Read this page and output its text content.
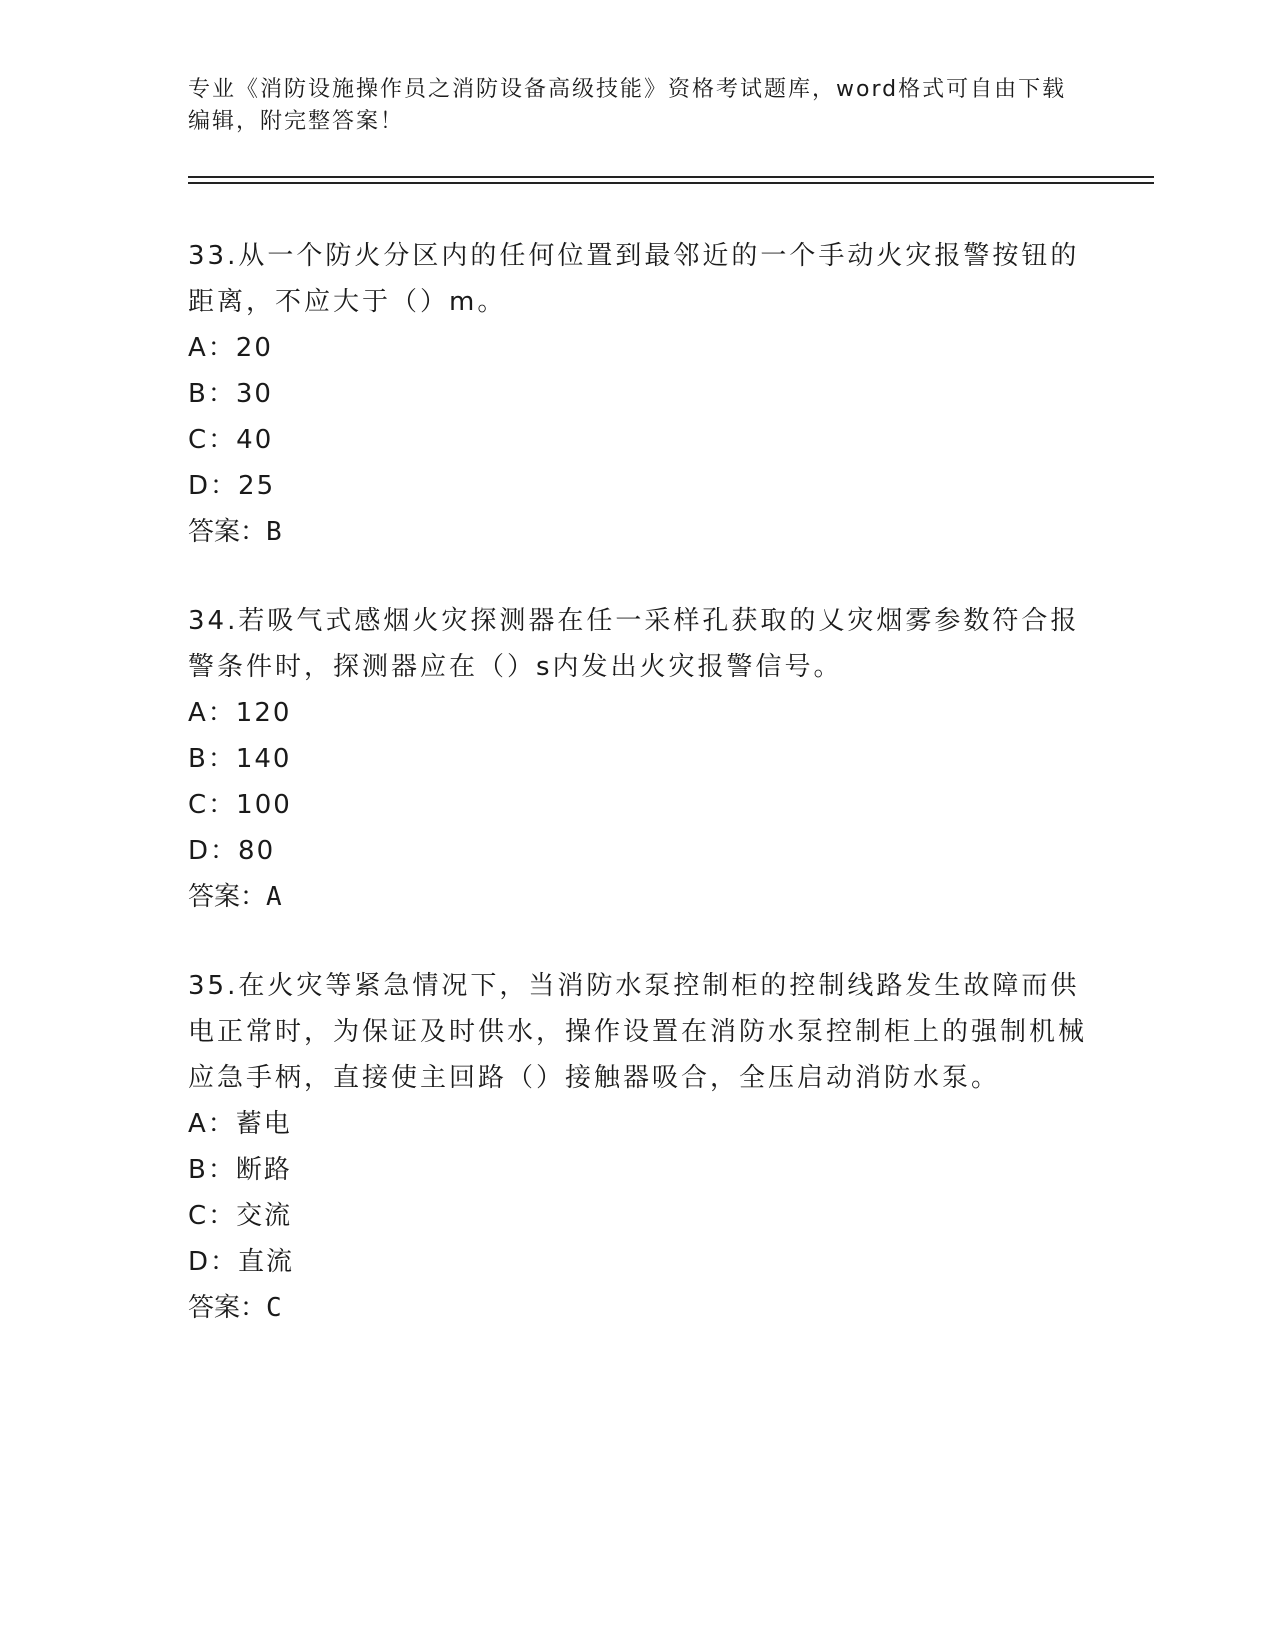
专业《消防设施操作员之消防设备高级技能》资格考试题库，word格式可自由下载编辑，附完整答案！

33.从一个防火分区内的任何位置到最邻近的一个手动火灾报警按钮的距离，不应大于（）m。

A：20

B：30

C：40

D：25

答案：B

34.若吸气式感烟火灾探测器在任一采样孔获取的乂灾烟雾参数符合报警条件时，探测器应在（）s内发出火灾报警信号。

A：120

B：140

C：100

D：80

答案：A

35.在火灾等紧急情况下，当消防水泵控制柜的控制线路发生故障而供电正常时，为保证及时供水，操作设置在消防水泵控制柜上的强制机械应急手柄，直接使主回路（）接触器吸合，全压启动消防水泵。

A：蓄电

B：断路

C：交流

D：直流

答案：C
